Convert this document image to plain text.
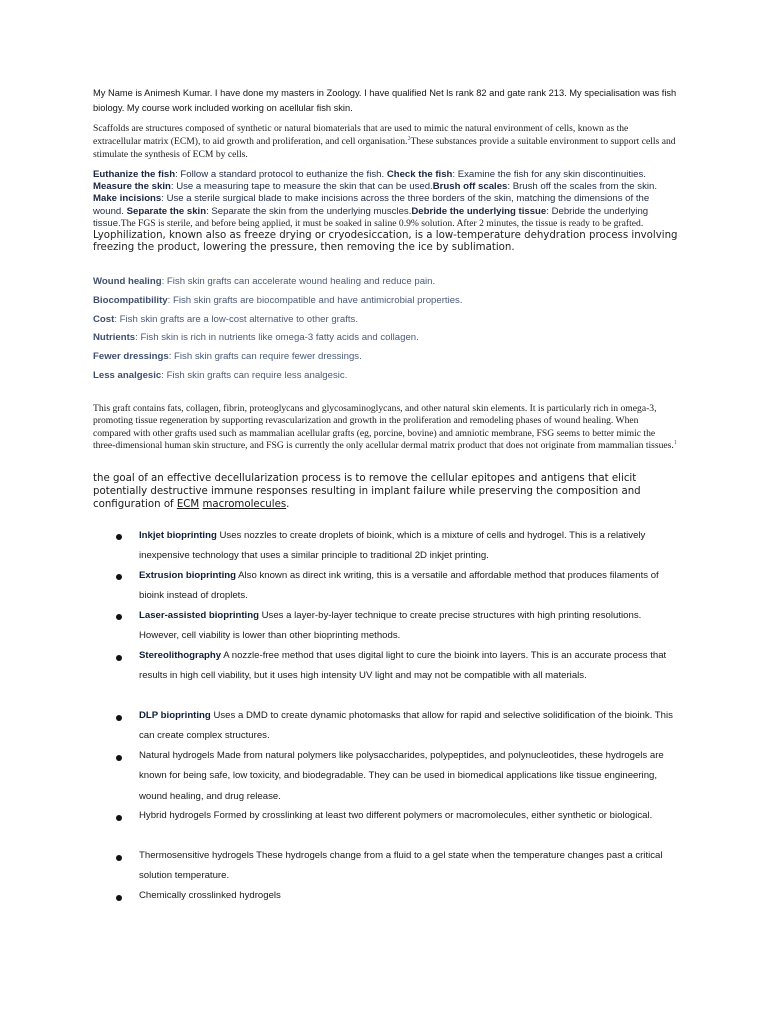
My Name is Animesh Kumar. I have done my masters in Zoology. I have qualified Net ls rank 82 and gate rank 213. My specialisation was fish biology. My course work included working on acellular fish skin.
Scaffolds are structures composed of synthetic or natural biomaterials that are used to mimic the natural environment of cells, known as the extracellular matrix (ECM), to aid growth and proliferation, and cell organisation.$^2$These substances provide a suitable environment to support cells and stimulate the synthesis of ECM by cells.
Euthanize the fish: Follow a standard protocol to euthanize the fish. Check the fish: Examine the fish for any skin discontinuities. Measure the skin: Use a measuring tape to measure the skin that can be used.Brush off scales: Brush off the scales from the skin. Make incisions: Use a sterile surgical blade to make incisions across the three borders of the skin, matching the dimensions of the wound. Separate the skin: Separate the skin from the underlying muscles.Debride the underlying tissue: Debride the underlying tissue.The FGS is sterile, and before being applied, it must be soaked in saline 0.9% solution. After 2 minutes, the tissue is ready to be grafted. Lyophilization, known also as freeze drying or cryodesiccation, is a low-temperature dehydration process involving freezing the product, lowering the pressure, then removing the ice by sublimation.
Wound healing: Fish skin grafts can accelerate wound healing and reduce pain.
Biocompatibility: Fish skin grafts are biocompatible and have antimicrobial properties.
Cost: Fish skin grafts are a low-cost alternative to other grafts.
Nutrients: Fish skin is rich in nutrients like omega-3 fatty acids and collagen.
Fewer dressings: Fish skin grafts can require fewer dressings.
Less analgesic: Fish skin grafts can require less analgesic.
This graft contains fats, collagen, fibrin, proteoglycans and glycosaminoglycans, and other natural skin elements. It is particularly rich in omega-3, promoting tissue regeneration by supporting revascularization and growth in the proliferation and remodeling phases of wound healing. When compared with other grafts used such as mammalian acellular grafts (eg, porcine, bovine) and amniotic membrane, FSG seems to better mimic the three-dimensional human skin structure, and FSG is currently the only acellular dermal matrix product that does not originate from mammalian tissues.$^1$
the goal of an effective decellularization process is to remove the cellular epitopes and antigens that elicit potentially destructive immune responses resulting in implant failure while preserving the composition and configuration of ECM macromolecules.
Inkjet bioprinting Uses nozzles to create droplets of bioink, which is a mixture of cells and hydrogel. This is a relatively inexpensive technology that uses a similar principle to traditional 2D inkjet printing.
Extrusion bioprinting Also known as direct ink writing, this is a versatile and affordable method that produces filaments of bioink instead of droplets.
Laser-assisted bioprinting Uses a layer-by-layer technique to create precise structures with high printing resolutions. However, cell viability is lower than other bioprinting methods.
Stereolithography A nozzle-free method that uses digital light to cure the bioink into layers. This is an accurate process that results in high cell viability, but it uses high intensity UV light and may not be compatible with all materials.
DLP bioprinting Uses a DMD to create dynamic photomasks that allow for rapid and selective solidification of the bioink. This can create complex structures.
Natural hydrogels Made from natural polymers like polysaccharides, polypeptides, and polynucleotides, these hydrogels are known for being safe, low toxicity, and biodegradable. They can be used in biomedical applications like tissue engineering, wound healing, and drug release.
Hybrid hydrogels Formed by crosslinking at least two different polymers or macromolecules, either synthetic or biological.
Thermosensitive hydrogels These hydrogels change from a fluid to a gel state when the temperature changes past a critical solution temperature.
Chemically crosslinked hydrogels
